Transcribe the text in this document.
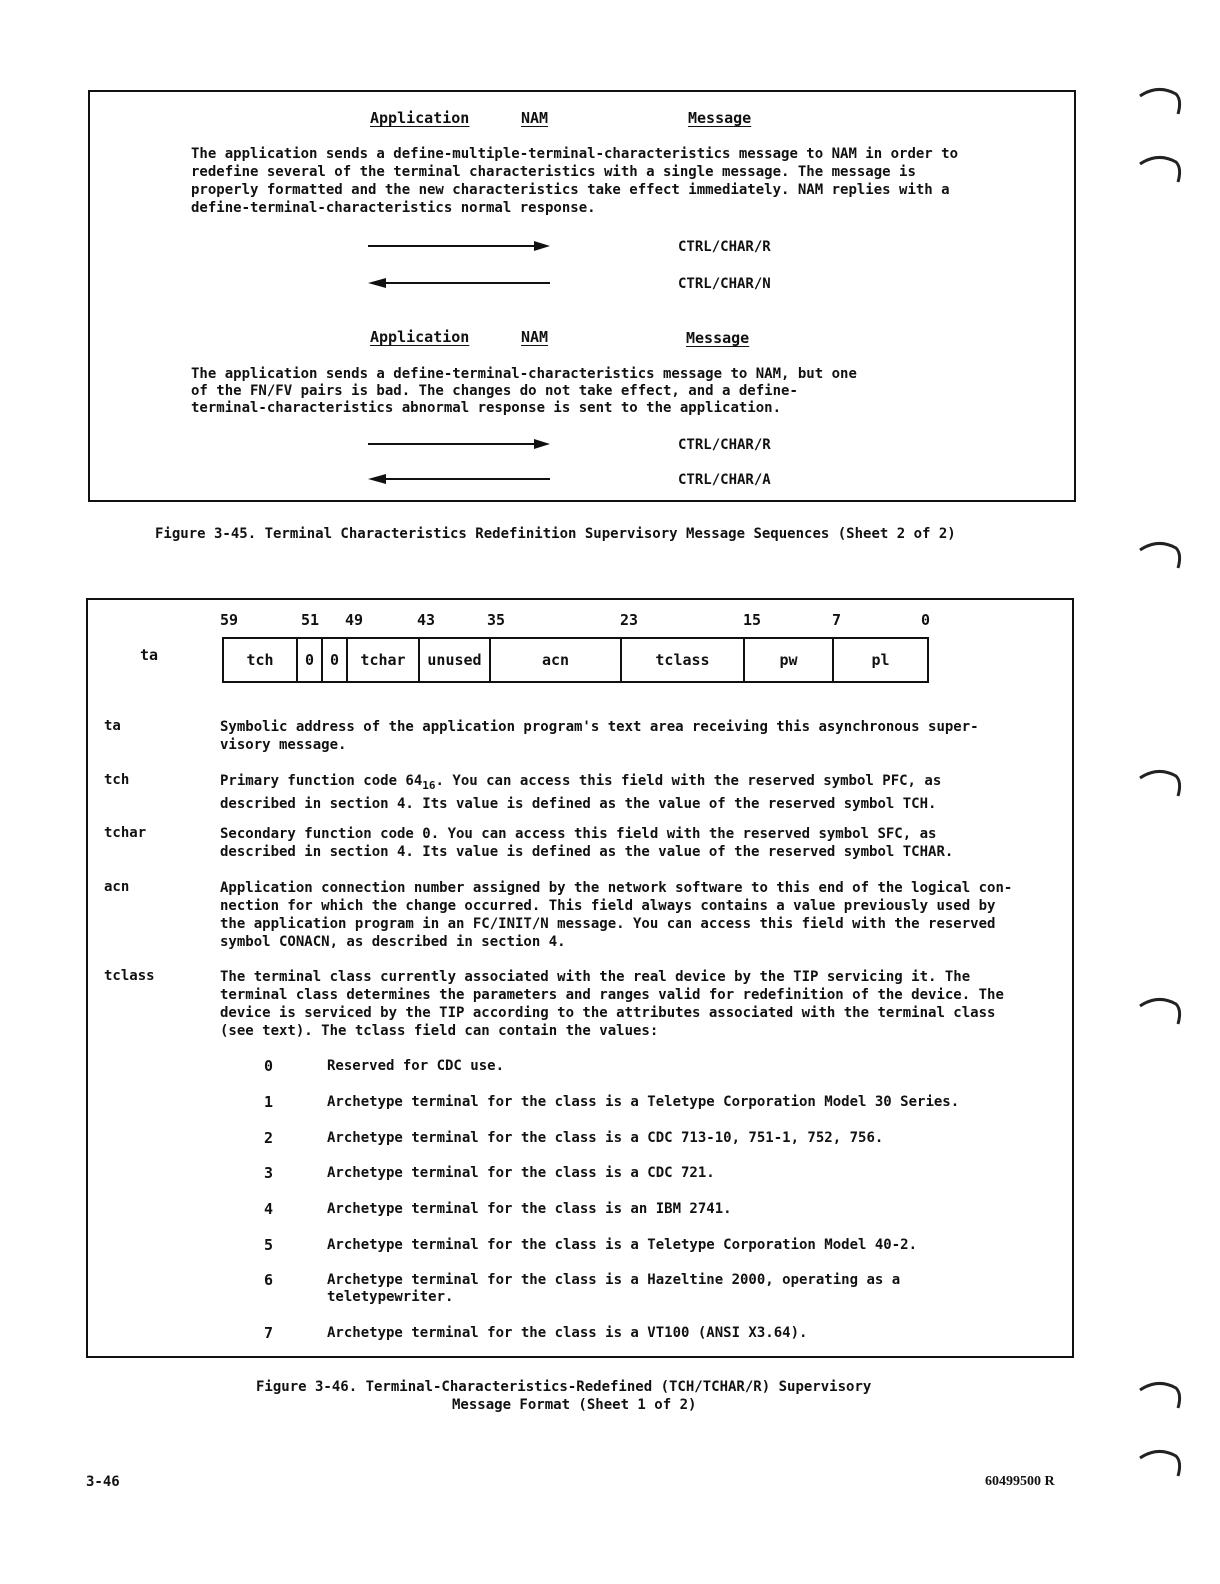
Application	NAM	Message
The application sends a define-multiple-terminal-characteristics message to NAM in order to redefine several of the terminal characteristics with a single message. The message is properly formatted and the new characteristics take effect immediately. NAM replies with a define-terminal-characteristics normal response.
CTRL/CHAR/R
CTRL/CHAR/N
Application	NAM	Message
The application sends a define-terminal-characteristics message to NAM, but one of the FN/FV pairs is bad. The changes do not take effect, and a define-terminal-characteristics abnormal response is sent to the application.
CTRL/CHAR/R
CTRL/CHAR/A
Figure 3-45. Terminal Characteristics Redefinition Supervisory Message Sequences (Sheet 2 of 2)
59	51 49	43	35	23	15	7	0
ta	tch	0	0	tchar	unused	acn	tclass	pw	pl
ta	Symbolic address of the application program's text area receiving this asynchronous super-
visory message.
tch	Primary function code $64_{16}$. You can access this field with the reserved symbol PFC, as
described in section 4. Its value is defined as the value of the reserved symbol TCH.
tchar	Secondary function code 0. You can access this field with the reserved symbol SFC, as
described in section 4. Its value is defined as the value of the reserved symbol TCHAR.
acn	Application connection number assigned by the network software to this end of the logical con-
nection for which the change occurred. This field always contains a value previously used by
the application program in an FC/INIT/N message. You can access this field with the reserved
symbol CONACN, as described in section 4.
tclass	The terminal class currently associated with the real device by the TIP servicing it. The
terminal class determines the parameters and ranges valid for redefinition of the device. The
device is serviced by the TIP according to the attributes associated with the terminal class
(see text). The tclass field can contain the values:
0	Reserved for CDC use.
1	Archetype terminal for the class is a Teletype Corporation Model 30 Series.
2	Archetype terminal for the class is a CDC 713-10, 751-1, 752, 756.
3	Archetype terminal for the class is a CDC 721.
4	Archetype terminal for the class is an IBM 2741.
5	Archetype terminal for the class is a Teletype Corporation Model 40-2.
6	Archetype terminal for the class is a Hazeltine 2000, operating as a
teletypewriter.
7	Archetype terminal for the class is a VT100 (ANSI X3.64).
Figure 3-46. Terminal-Characteristics-Redefined (TCH/TCHAR/R) Supervisory
Message Format (Sheet 1 of 2)
3-46	60499500 R
